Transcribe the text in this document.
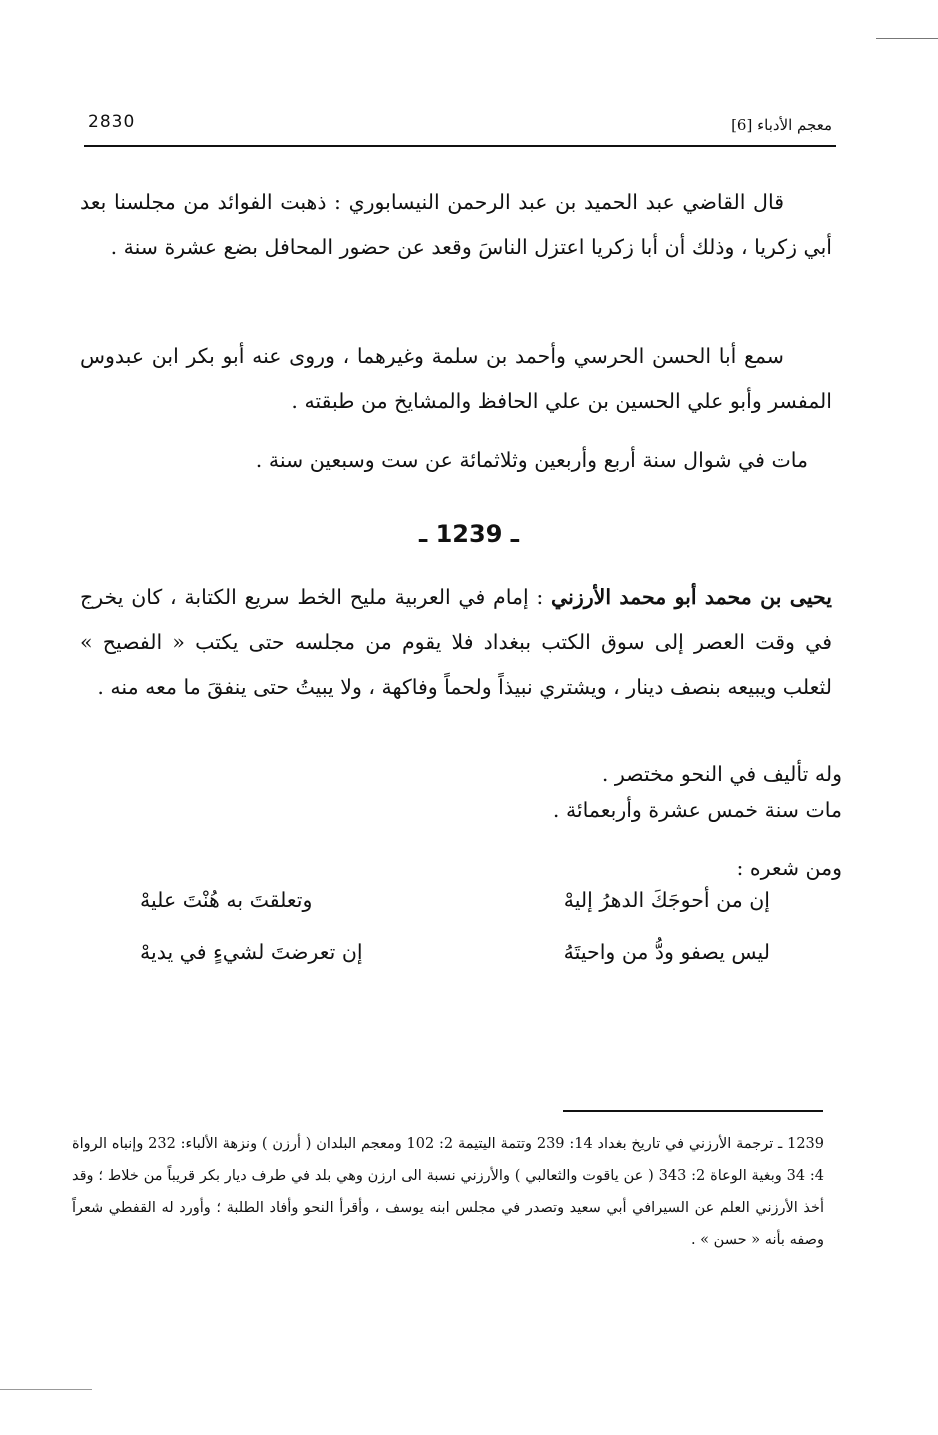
2830	معجم الأدباء [6]

قال القاضي عبد الحميد بن عبد الرحمن النيسابوري : ذهبت الفوائد من مجلسنا بعد أبي زكريا ، وذلك أن أبا زكريا اعتزل الناسَ وقعد عن حضور المحافل بضع عشرة سنة .

سمع أبا الحسن الحرسي وأحمد بن سلمة وغيرهما ، وروى عنه أبو بكر ابن عبدوس المفسر وأبو علي الحسين بن علي الحافظ والمشايخ من طبقته .

مات في شوال سنة أربع وأربعين وثلاثمائة عن ست وسبعين سنة .

ـ 1239 ـ

يحيى بن محمد أبو محمد الأرزني : إمام في العربية مليح الخط سريع الكتابة ، كان يخرج في وقت العصر إلى سوق الكتب ببغداد فلا يقوم من مجلسه حتى يكتب « الفصيح » لثعلب ويبيعه بنصف دينار ، ويشتري نبيذاً ولحماً وفاكهة ، ولا يبيتُ حتى ينفقَ ما معه منه .

وله تأليف في النحو مختصر .

مات سنة خمس عشرة وأربعمائة .

ومن شعره :

إن من أحوجَكَ الدهرُ إليهْ
وتعلقتَ به هُنْتَ عليهْ
ليس يصفو ودُّ من واحيتَهُ
إن تعرضتَ لشيءٍ في يديهْ

1239 ـ ترجمة الأرزني في تاريخ بغداد 14: 239 وتتمة اليتيمة 2: 102 ومعجم البلدان ( أرزن ) ونزهة الألباء: 232 وإنباه الرواة 4: 34 وبغية الوعاة 2: 343 ( عن ياقوت والثعالبي ) والأرزني نسبة الى ارزن وهي بلد في طرف ديار بكر قريباً من خلاط ؛ وقد أخذ الأرزني العلم عن السيرافي أبي سعيد وتصدر في مجلس ابنه يوسف ، وأقرأ النحو وأفاد الطلبة ؛ وأورد له القفطي شعراً وصفه بأنه « حسن » .
